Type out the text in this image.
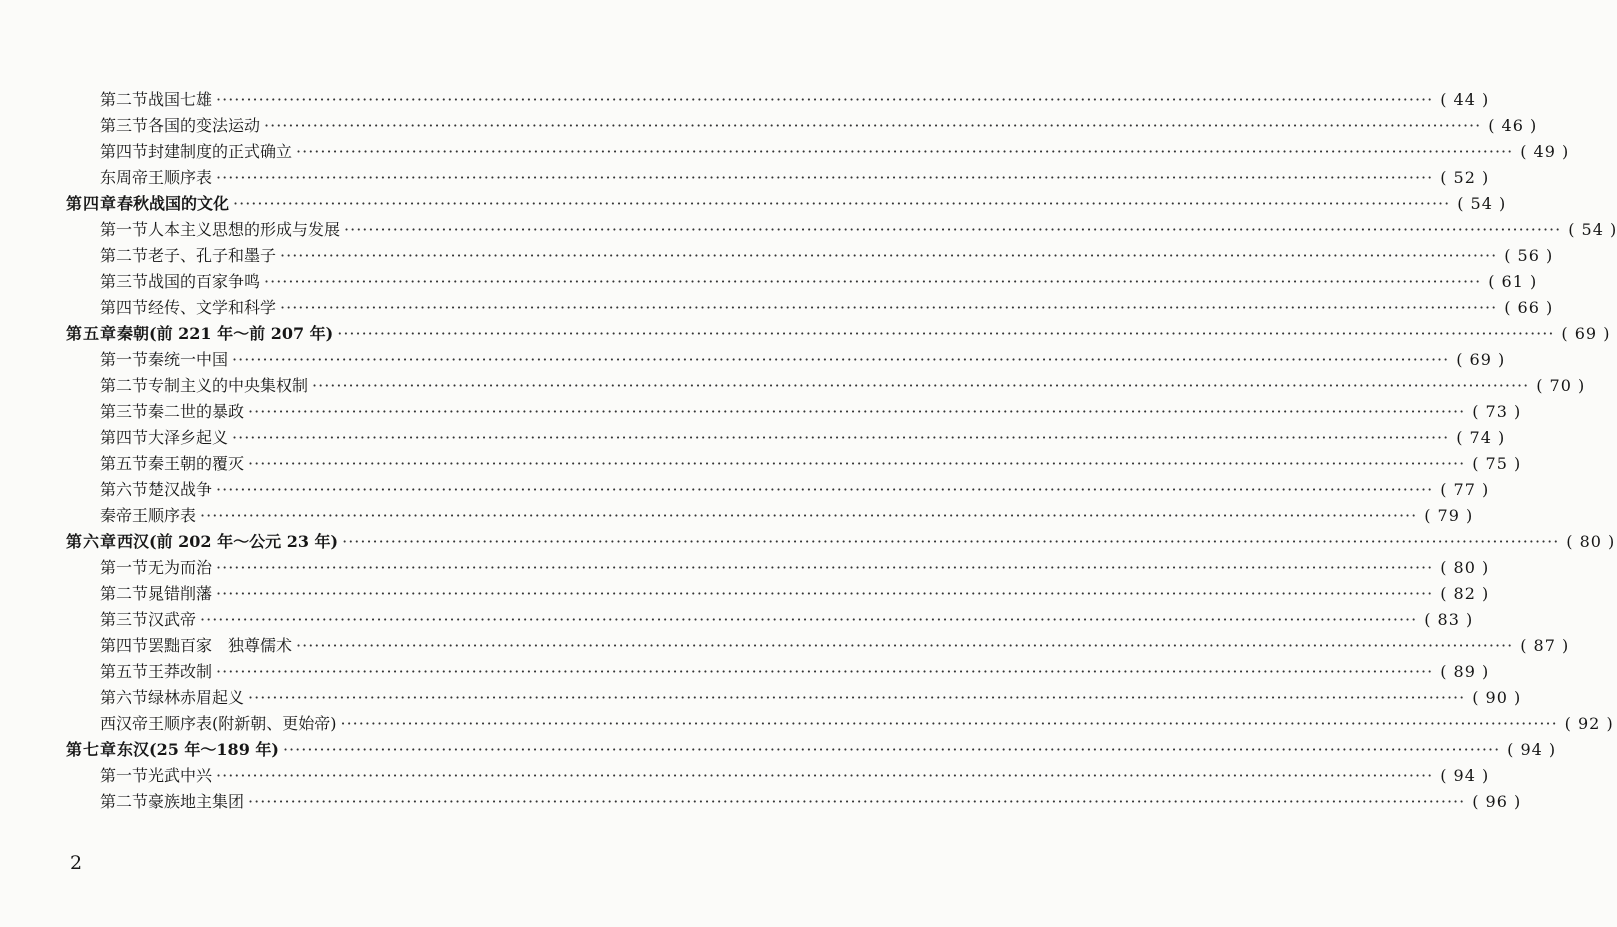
第二节 战国七雄 ········································································································································································································ ( 44 )
第三节 各国的变法运动 ········································································································································································································ ( 46 )
第四节 封建制度的正式确立 ········································································································································································································ ( 49 )
东周帝王顺序表 ········································································································································································································ ( 52 )
第四章 春秋战国的文化 ········································································································································································································ ( 54 )
第一节 人本主义思想的形成与发展 ········································································································································································································ ( 54 )
第二节 老子、孔子和墨子 ········································································································································································································ ( 56 )
第三节 战国的百家争鸣 ········································································································································································································ ( 61 )
第四节 经传、文学和科学 ········································································································································································································ ( 66 )
第五章 秦朝(前 221 年～前 207 年) ········································································································································································································ ( 69 )
第一节 秦统一中国 ········································································································································································································ ( 69 )
第二节 专制主义的中央集权制 ········································································································································································································ ( 70 )
第三节 秦二世的暴政 ········································································································································································································ ( 73 )
第四节 大泽乡起义 ········································································································································································································ ( 74 )
第五节 秦王朝的覆灭 ········································································································································································································ ( 75 )
第六节 楚汉战争 ········································································································································································································ ( 77 )
秦帝王顺序表 ········································································································································································································ ( 79 )
第六章 西汉(前 202 年～公元 23 年) ········································································································································································································ ( 80 )
第一节 无为而治 ········································································································································································································ ( 80 )
第二节 晁错削藩 ········································································································································································································ ( 82 )
第三节 汉武帝 ········································································································································································································ ( 83 )
第四节 罢黜百家　独尊儒术 ········································································································································································································ ( 87 )
第五节 王莽改制 ········································································································································································································ ( 89 )
第六节 绿林赤眉起义 ········································································································································································································ ( 90 )
西汉帝王顺序表(附新朝、更始帝) ········································································································································································································ ( 92 )
第七章 东汉(25 年～189 年) ········································································································································································································ ( 94 )
第一节 光武中兴 ········································································································································································································ ( 94 )
第二节 豪族地主集团 ········································································································································································································ ( 96 )
2
